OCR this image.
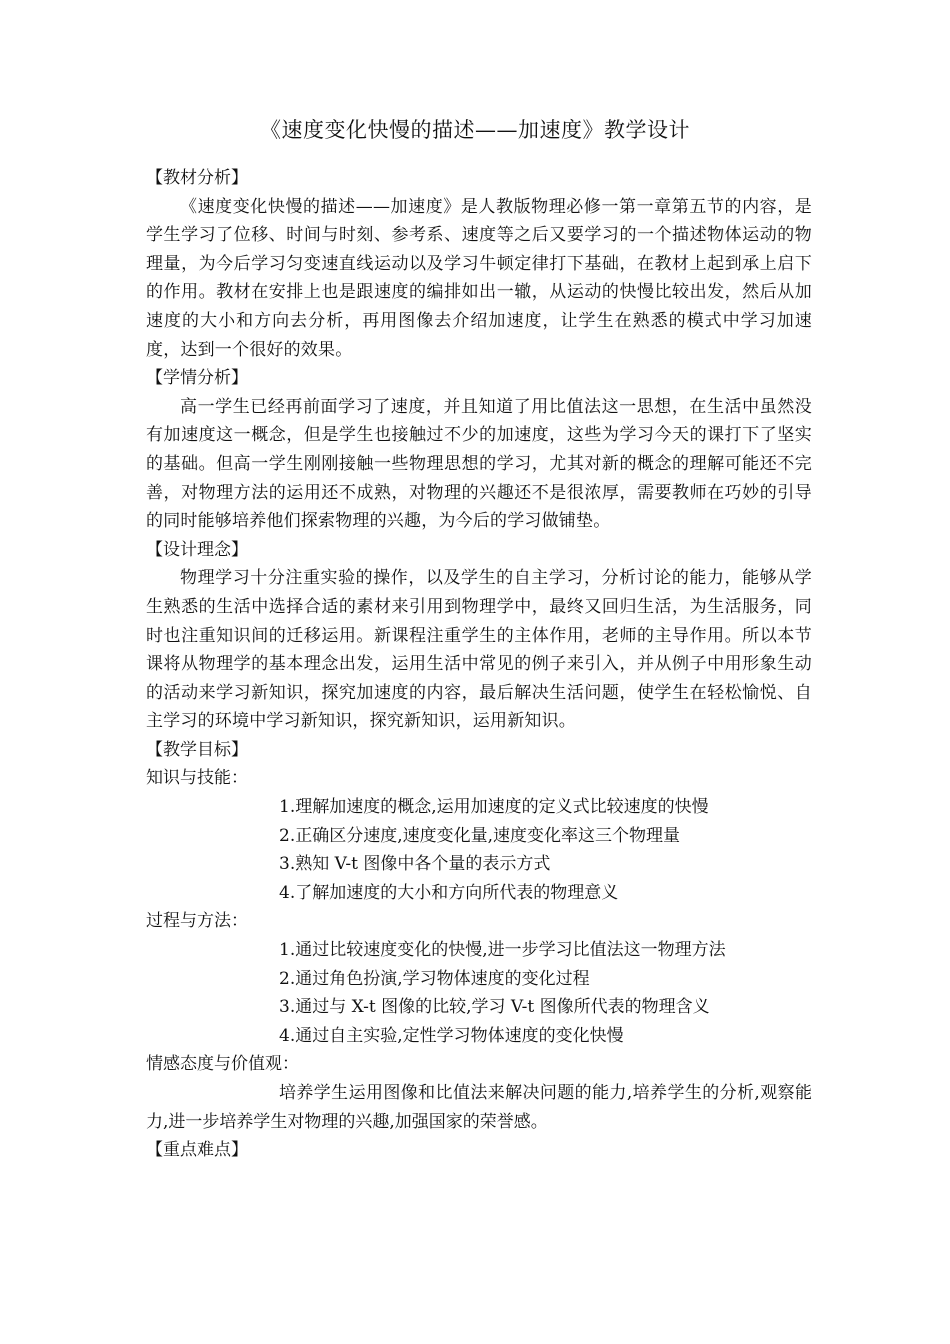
《速度变化快慢的描述——加速度》教学设计

【教材分析】

《速度变化快慢的描述——加速度》是人教版物理必修一第一章第五节的内容，是学生学习了位移、时间与时刻、参考系、速度等之后又要学习的一个描述物体运动的物理量，为今后学习匀变速直线运动以及学习牛顿定律打下基础，在教材上起到承上启下的作用。教材在安排上也是跟速度的编排如出一辙，从运动的快慢比较出发，然后从加速度的大小和方向去分析，再用图像去介绍加速度，让学生在熟悉的模式中学习加速度，达到一个很好的效果。

【学情分析】

高一学生已经再前面学习了速度，并且知道了用比值法这一思想，在生活中虽然没有加速度这一概念，但是学生也接触过不少的加速度，这些为学习今天的课打下了坚实的基础。但高一学生刚刚接触一些物理思想的学习，尤其对新的概念的理解可能还不完善，对物理方法的运用还不成熟，对物理的兴趣还不是很浓厚，需要教师在巧妙的引导的同时能够培养他们探索物理的兴趣，为今后的学习做铺垫。

【设计理念】

物理学习十分注重实验的操作，以及学生的自主学习，分析讨论的能力，能够从学生熟悉的生活中选择合适的素材来引用到物理学中，最终又回归生活，为生活服务，同时也注重知识间的迁移运用。新课程注重学生的主体作用，老师的主导作用。所以本节课将从物理学的基本理念出发，运用生活中常见的例子来引入，并从例子中用形象生动的活动来学习新知识，探究加速度的内容，最后解决生活问题，使学生在轻松愉悦、自主学习的环境中学习新知识，探究新知识，运用新知识。

【教学目标】

知识与技能：

1.理解加速度的概念,运用加速度的定义式比较速度的快慢

2.正确区分速度,速度变化量,速度变化率这三个物理量

3.熟知 V-t 图像中各个量的表示方式

4.了解加速度的大小和方向所代表的物理意义

过程与方法：

1.通过比较速度变化的快慢,进一步学习比值法这一物理方法

2.通过角色扮演,学习物体速度的变化过程

3.通过与 X-t 图像的比较,学习 V-t 图像所代表的物理含义

4.通过自主实验,定性学习物体速度的变化快慢

情感态度与价值观：

培养学生运用图像和比值法来解决问题的能力,培养学生的分析,观察能力,进一步培养学生对物理的兴趣,加强国家的荣誉感。

【重点难点】
